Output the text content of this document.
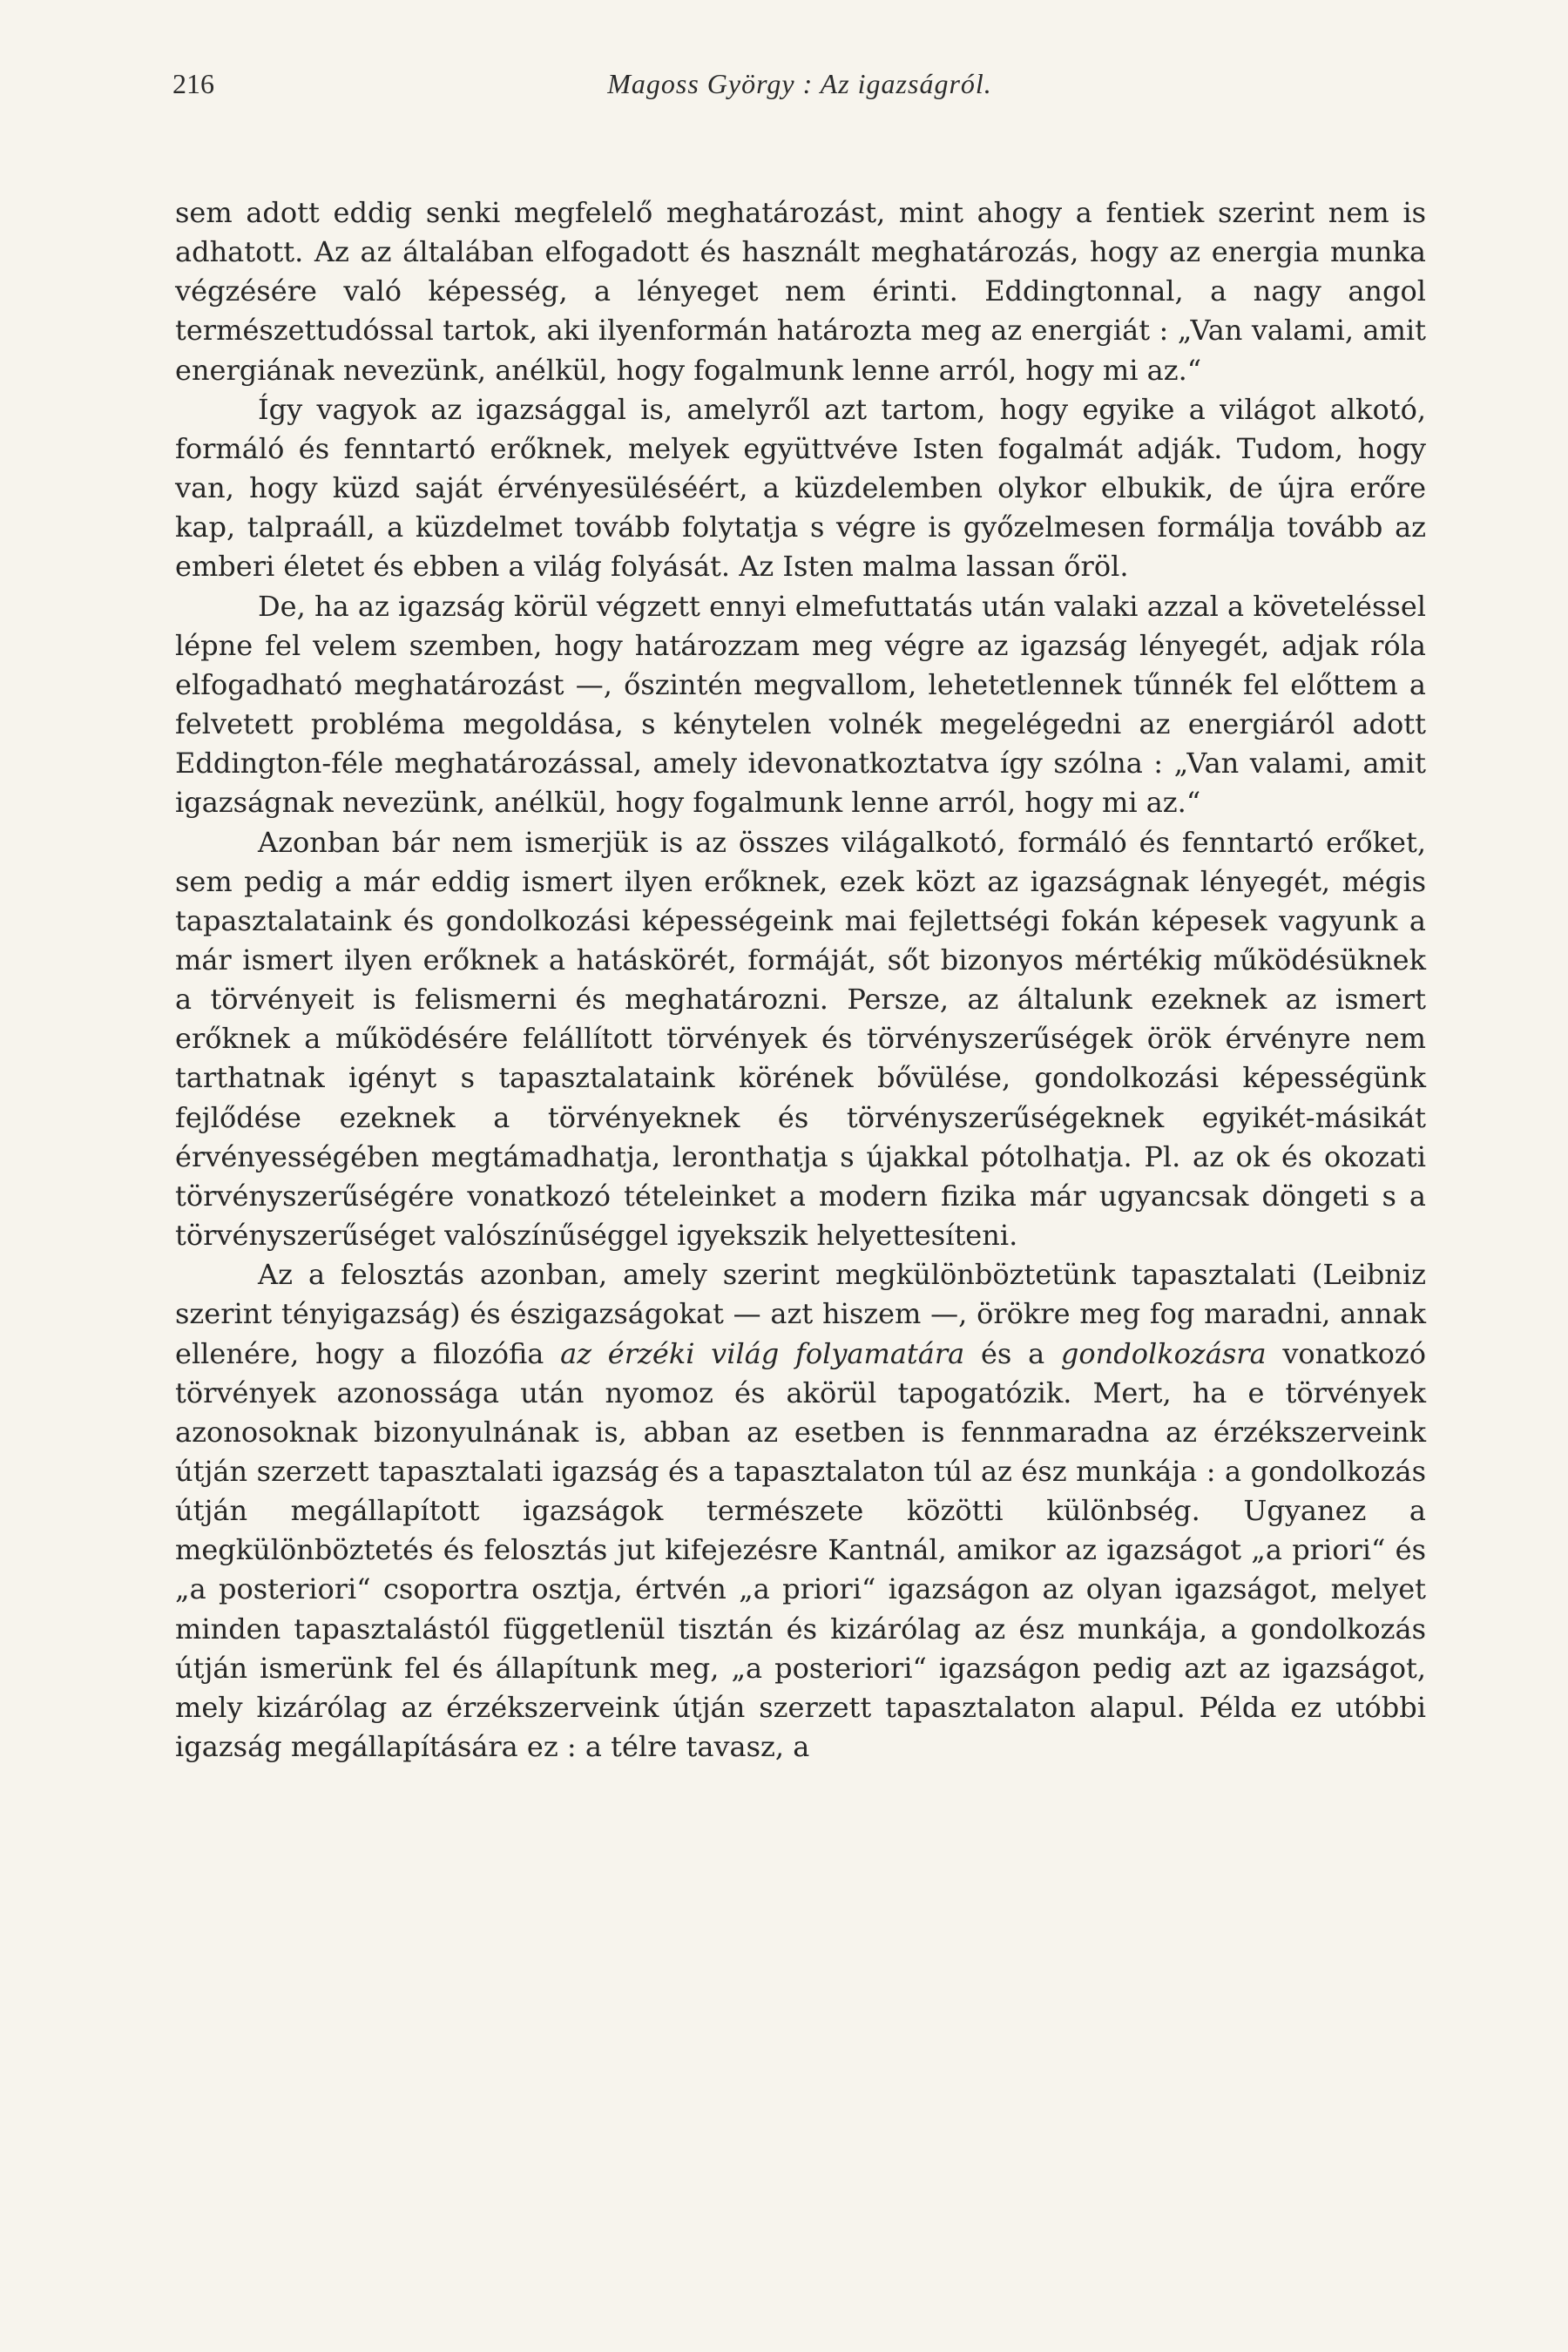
216	Magoss György : Az igazságról.

sem adott eddig senki megfelelő meghatározást, mint ahogy a fentiek szerint nem is adhatott. Az az általában elfogadott és használt meghatározás, hogy az energia munka végzésére való képesség, a lényeget nem érinti. Eddingtonnal, a nagy angol természettudóssal tartok, aki ilyenformán határozta meg az energiát : „Van valami, amit energiának nevezünk, anélkül, hogy fogalmunk lenne arról, hogy mi az.“

Így vagyok az igazsággal is, amelyről azt tartom, hogy egyike a világot alkotó, formáló és fenntartó erőknek, melyek együttvéve Isten fogalmát adják. Tudom, hogy van, hogy küzd saját érvényesüléséért, a küzdelemben olykor elbukik, de újra erőre kap, talpraáll, a küzdelmet tovább folytatja s végre is győzelmesen formálja tovább az emberi életet és ebben a világ folyását. Az Isten malma lassan őröl.

De, ha az igazság körül végzett ennyi elmefuttatás után valaki azzal a követeléssel lépne fel velem szemben, hogy határozzam meg végre az igazság lényegét, adjak róla elfogadható meghatározást —, őszintén megvallom, lehetetlennek tűnnék fel előttem a felvetett probléma megoldása, s kénytelen volnék megelégedni az energiáról adott Eddington-féle meghatározással, amely idevonatkoztatva így szólna : „Van valami, amit igazságnak nevezünk, anélkül, hogy fogalmunk lenne arról, hogy mi az.“

Azonban bár nem ismerjük is az összes világalkotó, formáló és fenntartó erőket, sem pedig a már eddig ismert ilyen erőknek, ezek közt az igazságnak lényegét, mégis tapasztalataink és gondolkozási képességeink mai fejlettségi fokán képesek vagyunk a már ismert ilyen erőknek a hatáskörét, formáját, sőt bizonyos mértékig működésüknek a törvényeit is felismerni és meghatározni. Persze, az általunk ezeknek az ismert erőknek a működésére felállított törvények és törvényszerűségek örök érvényre nem tarthatnak igényt s tapasztalataink körének bővülése, gondolkozási képességünk fejlődése ezeknek a törvényeknek és törvényszerűségeknek egyikét-másikát érvényességében megtámadhatja, leronthatja s újakkal pótolhatja. Pl. az ok és okozati törvényszerűségére vonatkozó tételeinket a modern fizika már ugyancsak döngeti s a törvényszerűséget valószínűséggel igyekszik helyettesíteni.

Az a felosztás azonban, amely szerint megkülönböztetünk tapasztalati (Leibniz szerint tényigazság) és észigazságokat — azt hiszem —, örökre meg fog maradni, annak ellenére, hogy a filozófia az érzéki világ folyamatára és a gondolkozásra vonatkozó törvények azonossága után nyomoz és akörül tapogatózik. Mert, ha e törvények azonosoknak bizonyulnának is, abban az esetben is fennmaradna az érzékszerveink útján szerzett tapasztalati igazság és a tapasztalaton túl az ész munkája : a gondolkozás útján megállapított igazságok természete közötti különbség. Ugyanez a megkülönböztetés és felosztás jut kifejezésre Kantnál, amikor az igazságot „a priori“ és „a posteriori“ csoportra osztja, értvén „a priori“ igazságon az olyan igazságot, melyet minden tapasztalástól függetlenül tisztán és kizárólag az ész munkája, a gondolkozás útján ismerünk fel és állapítunk meg, „a posteriori“ igazságon pedig azt az igazságot, mely kizárólag az érzékszerveink útján szerzett tapasztalaton alapul. Példa ez utóbbi igazság megállapítására ez : a télre tavasz, a
